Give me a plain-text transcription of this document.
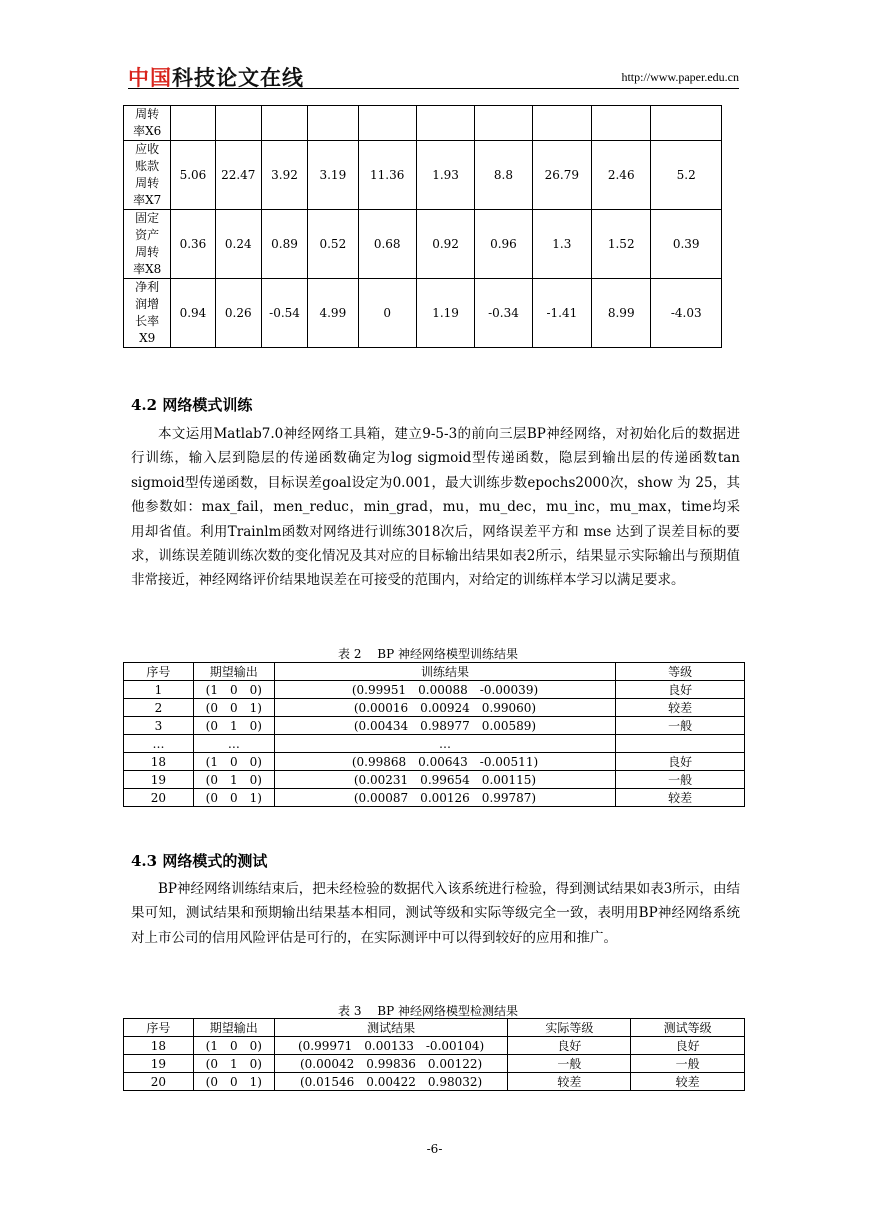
中国科技论文在线	http://www.paper.edu.cn
周转
率X6										

应收
账款
周转
率X7	5.06	22.47	3.92	3.19	11.36	1.93	8.8	26.79	2.46	5.2

固定
资产
周转
率X8	0.36	0.24	0.89	0.52	0.68	0.92	0.96	1.3	1.52	0.39

净利
润增
长率
X9	0.94	0.26	-0.54	4.99	0	1.19	-0.34	-1.41	8.99	-4.03
4.2 网络模式训练

本文运用Matlab7.0神经网络工具箱，建立9-5-3的前向三层BP神经网络，对初始化后的数据进行训练，输入层到隐层的传递函数确定为log sigmoid型传递函数，隐层到输出层的传递函数tan sigmoid型传递函数，目标误差goal设定为0.001，最大训练步数epochs2000次，show 为 25，其他参数如：max_fail，men_reduc，min_grad，mu，mu_dec，mu_inc，mu_max，time均采用却省值。利用Trainlm函数对网络进行训练3018次后，网络误差平方和 mse 达到了误差目标的要求，训练误差随训练次数的变化情况及其对应的目标输出结果如表2所示，结果显示实际输出与预期值非常接近，神经网络评价结果地误差在可接受的范围内，对给定的训练样本学习以满足要求。

表 2　 BP 神经网络模型训练结果
序号	期望输出	训练结果	等级
1	(1　0　0)	(0.99951　0.00088　-0.00039)	良好
2	(0　0　1)	(0.00016　0.00924　0.99060)	较差
3	(0　1　0)	(0.00434　0.98977　0.00589)	一般
…	…	…	
18	(1　0　0)	(0.99868　0.00643　-0.00511)	良好
19	(0　1　0)	(0.00231　0.99654　0.00115)	一般
20	(0　0　1)	(0.00087　0.00126　0.99787)	较差
4.3 网络模式的测试

BP神经网络训练结束后，把未经检验的数据代入该系统进行检验，得到测试结果如表3所示，由结果可知，测试结果和预期输出结果基本相同，测试等级和实际等级完全一致，表明用BP神经网络系统对上市公司的信用风险评估是可行的，在实际测评中可以得到较好的应用和推广。

表 3　 BP 神经网络模型检测结果
序号	期望输出	测试结果	实际等级	测试等级
18	(1　0　0)	(0.99971　0.00133　-0.00104)	良好	良好
19	(0　1　0)	(0.00042　0.99836　0.00122)	一般	一般
20	(0　0　1)	(0.01546　0.00422　0.98032)	较差	较差
-6-
